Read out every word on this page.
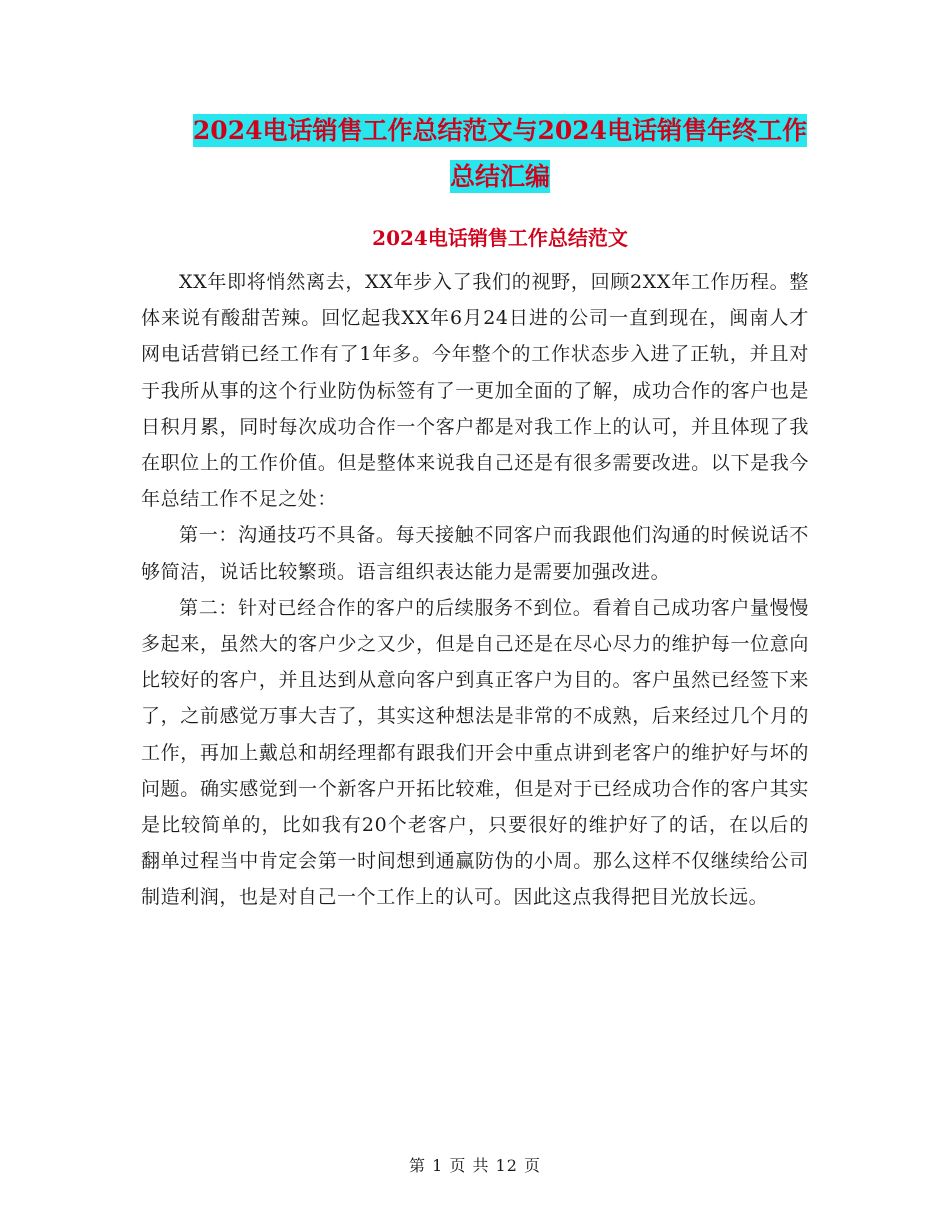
2024电话销售工作总结范文与2024电话销售年终工作
总结汇编
2024电话销售工作总结范文

XX年即将悄然离去，XX年步入了我们的视野，回顾2XX年工作历程。整体来说有酸甜苦辣。回忆起我XX年6月24日进的公司一直到现在，闽南人才网电话营销已经工作有了1年多。今年整个的工作状态步入进了正轨，并且对于我所从事的这个行业防伪标签有了一更加全面的了解，成功合作的客户也是日积月累，同时每次成功合作一个客户都是对我工作上的认可，并且体现了我在职位上的工作价值。但是整体来说我自己还是有很多需要改进。以下是我今年总结工作不足之处：

第一：沟通技巧不具备。每天接触不同客户而我跟他们沟通的时候说话不够简洁，说话比较繁琐。语言组织表达能力是需要加强改进。

第二：针对已经合作的客户的后续服务不到位。看着自己成功客户量慢慢多起来，虽然大的客户少之又少，但是自己还是在尽心尽力的维护每一位意向比较好的客户，并且达到从意向客户到真正客户为目的。客户虽然已经签下来了，之前感觉万事大吉了，其实这种想法是非常的不成熟，后来经过几个月的工作，再加上戴总和胡经理都有跟我们开会中重点讲到老客户的维护好与坏的问题。确实感觉到一个新客户开拓比较难，但是对于已经成功合作的客户其实是比较简单的，比如我有20个老客户，只要很好的维护好了的话，在以后的翻单过程当中肯定会第一时间想到通赢防伪的小周。那么这样不仅继续给公司制造利润，也是对自己一个工作上的认可。因此这点我得把目光放长远。

第 1 页 共 12 页
